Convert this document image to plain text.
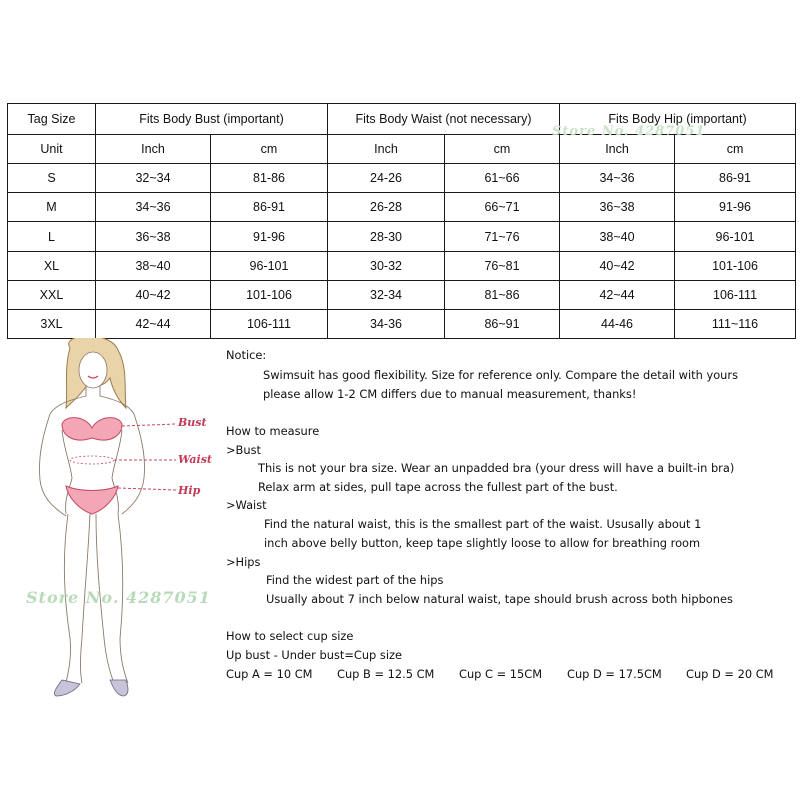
Tag Size	Fits Body Bust (important)		Fits Body Waist (not necessary)		Fits Body Hip (important)	
Unit	Inch	cm	Inch	cm	Inch	cm
S	32~34	81-86	24-26	61~66	34~36	86-91
M	34~36	86-91	26-28	66~71	36~38	91-96
L	36~38	91-96	28-30	71~76	38~40	96-101
XL	38~40	96-101	30-32	76~81	40~42	101-106
XXL	40~42	101-106	32-34	81~86	42~44	106-111
3XL	42~44	106-111	34-36	86~91	44-46	111~116
Store No. 4287051
Bust
Waist
Hip
Store No. 4287051
Notice:
Swimsuit has good flexibility. Size for reference only. Compare the detail with yours
please allow 1-2 CM differs due to manual measurement, thanks!
How to measure
>Bust
This is not your bra size. Wear an unpadded bra (your dress will have a built-in bra)
Relax arm at sides, pull tape across the fullest part of the bust.
>Waist
Find the natural waist, this is the smallest part of the waist. Ususally about 1
inch above belly button, keep tape slightly loose to allow for breathing room
>Hips
Find the widest part of the hips
Usually about 7 inch below natural waist, tape should brush across both hipbones
How to select cup size
Up bust - Under bust=Cup size
Cup A = 10 CM Cup B = 12.5 CM Cup C = 15CM Cup D = 17.5CM Cup D = 20 CM
